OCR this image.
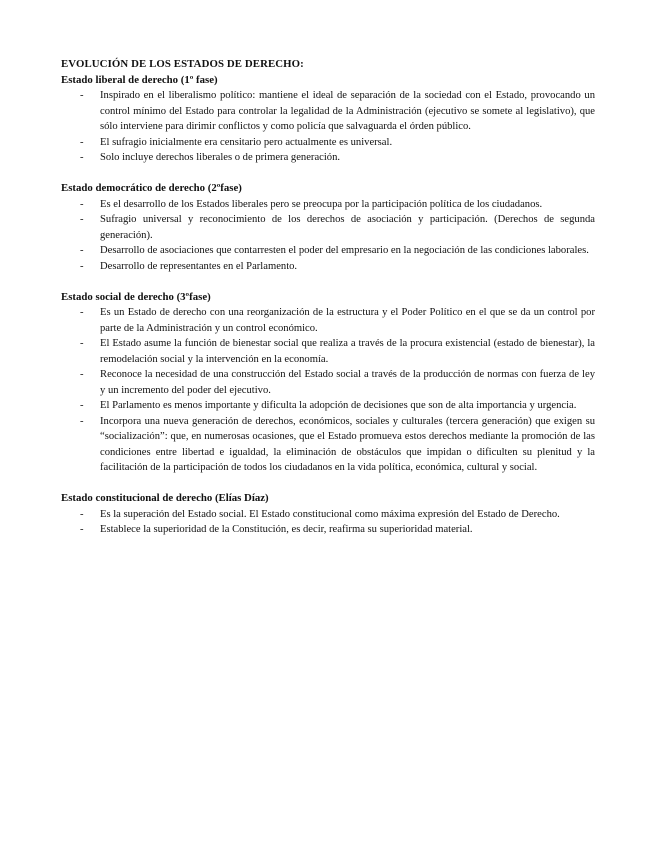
EVOLUCIÓN DE LOS ESTADOS DE DERECHO:

Estado liberal de derecho (1º fase)

- Inspirado en el liberalismo político: mantiene el ideal de separación de la sociedad con el Estado, provocando un control mínimo del Estado para controlar la legalidad de la Administración (ejecutivo se somete al legislativo), que sólo interviene para dirimir conflictos y como policía que salvaguarda el órden público.
- El sufragio inicialmente era censitario pero actualmente es universal.
- Solo incluye derechos liberales o de primera generación.

Estado democrático de derecho (2ºfase)

- Es el desarrollo de los Estados liberales pero se preocupa por la participación política de los ciudadanos.
- Sufragio universal y reconocimiento de los derechos de asociación y participación. (Derechos de segunda generación).
- Desarrollo de asociaciones que contarresten el poder del empresario en la negociación de las condiciones laborales.
- Desarrollo de representantes en el Parlamento.

Estado social de derecho (3ºfase)

- Es un Estado de derecho con una reorganización de la estructura y el Poder Político en el que se da un control por parte de la Administración y un control económico.
- El Estado asume la función de bienestar social que realiza a través de la procura existencial (estado de bienestar), la remodelación social y la intervención en la economía.
- Reconoce la necesidad de una construcción del Estado social a través de la producción de normas con fuerza de ley y un incremento del poder del ejecutivo.
- El Parlamento es menos importante y dificulta la adopción de decisiones que son de alta importancia y urgencia.
- Incorpora una nueva generación de derechos, económicos, sociales y culturales (tercera generación) que exigen su “socialización”: que, en numerosas ocasiones, que el Estado promueva estos derechos mediante la promoción de las condiciones entre libertad e igualdad, la eliminación de obstáculos que impidan o dificulten su plenitud y la facilitación de la participación de todos los ciudadanos en la vida política, económica, cultural y social.

Estado constitucional de derecho (Elías Díaz)

- Es la superación del Estado social. El Estado constitucional como máxima expresión del Estado de Derecho.
- Establece la superioridad de la Constitución, es decir, reafirma su superioridad material.
